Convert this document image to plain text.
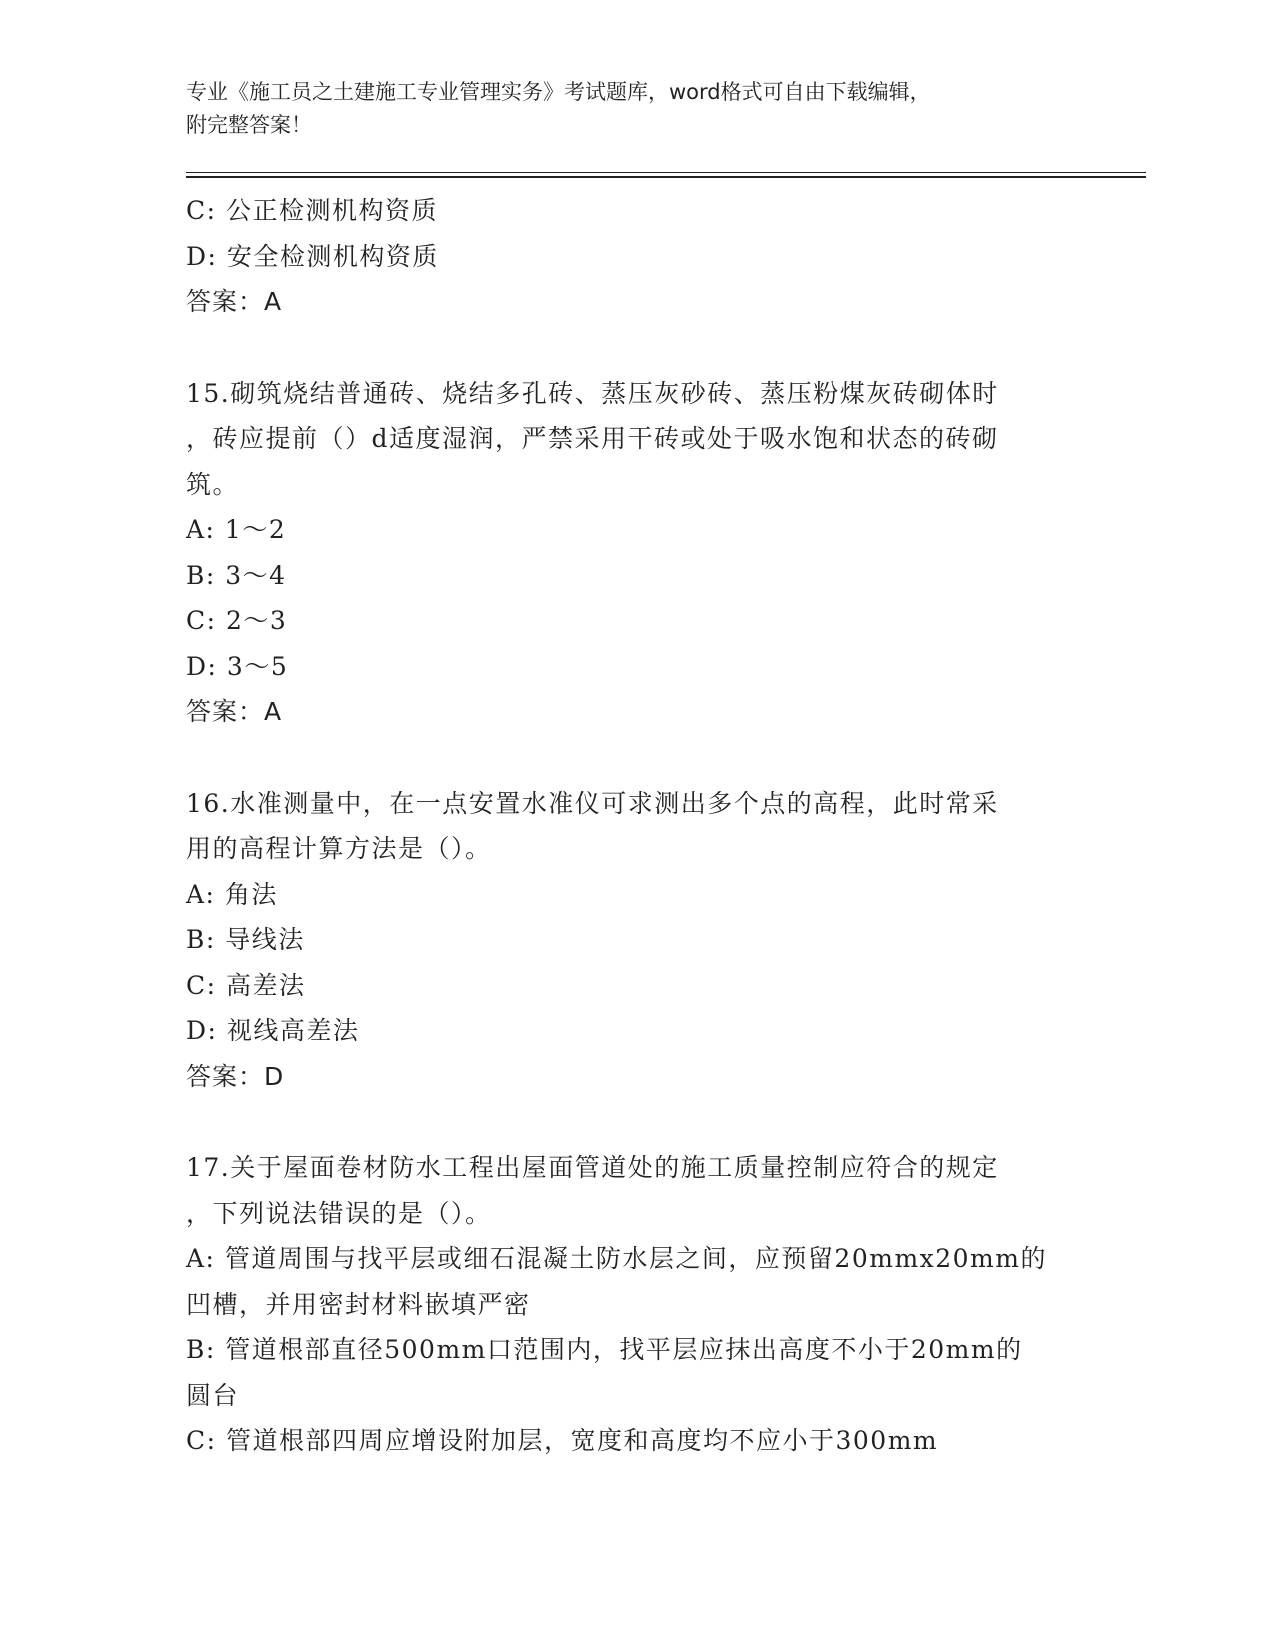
专业《施工员之土建施工专业管理实务》考试题库，word格式可自由下载编辑，
附完整答案！
C: 公正检测机构资质
D: 安全检测机构资质
答案：A
15.砌筑烧结普通砖、烧结多孔砖、蒸压灰砂砖、蒸压粉煤灰砖砌体时
，砖应提前（）d适度湿润，严禁采用干砖或处于吸水饱和状态的砖砌
筑。
A: 1～2
B: 3～4
C: 2～3
D: 3～5
答案：A
16.水准测量中，在一点安置水准仪可求测出多个点的高程，此时常采
用的高程计算方法是（）。
A: 角法
B: 导线法
C: 高差法
D: 视线高差法
答案：D
17.关于屋面卷材防水工程出屋面管道处的施工质量控制应符合的规定
，下列说法错误的是（）。
A: 管道周围与找平层或细石混凝土防水层之间，应预留20mmx20mm的
凹槽，并用密封材料嵌填严密
B: 管道根部直径500mm口范围内，找平层应抹出高度不小于20mm的
圆台
C: 管道根部四周应增设附加层，宽度和高度均不应小于300mm
